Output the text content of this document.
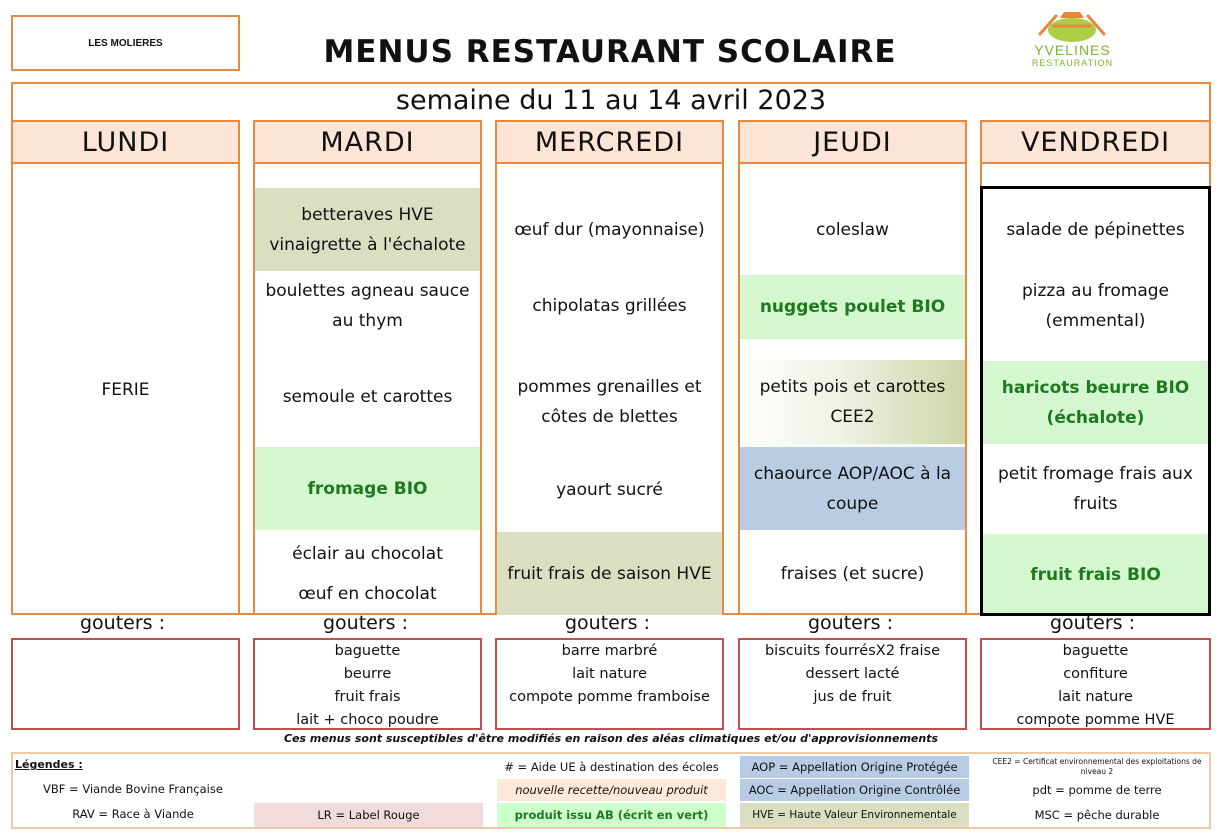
LES MOLIERES	MENUS RESTAURANT SCOLAIRE	YVELINES
RESTAURATION
semaine du 11 au 14 avril 2023
LUNDI
FERIE
MARDI
betteraves HVE
vinaigrette à l'échalote
boulettes agneau sauce
au thym
semoule et carottes
fromage BIO
éclair au chocolat
œuf en chocolat
MERCREDI
œuf dur (mayonnaise)
chipolatas grillées
pommes grenailles et
côtes de blettes
yaourt sucré
fruit frais de saison HVE
JEUDI
coleslaw
nuggets poulet BIO
petits pois et carottes
CEE2
chaource AOP/AOC à la
coupe
fraises (et sucre)
VENDREDI
salade de pépinettes
pizza au fromage
(emmental)
haricots beurre BIO
(échalote)
petit fromage frais aux
fruits
fruit frais BIO
gouters :	gouters :	gouters :	gouters :	gouters :
baguette
beurre
fruit frais
lait + choco poudre
barre marbré
lait nature
compote pomme framboise
biscuits fourrésX2 fraise
dessert lacté
jus de fruit
baguette
confiture
lait nature
compote pomme HVE
Ces menus sont susceptibles d'être modifiés en raison des aléas climatiques et/ou d'approvisionnements
Légendes :
VBF = Viande Bovine Française
RAV = Race à Viande	LR = Label Rouge
# = Aide UE à destination des écoles
nouvelle recette/nouveau produit
produit issu AB (écrit en vert)
AOP = Appellation Origine Protégée
AOC = Appellation Origine Contrôlée
HVE = Haute Valeur Environnementale
CEE2 = Certificat environnemental des exploitations de niveau 2
pdt = pomme de terre
MSC = pêche durable
